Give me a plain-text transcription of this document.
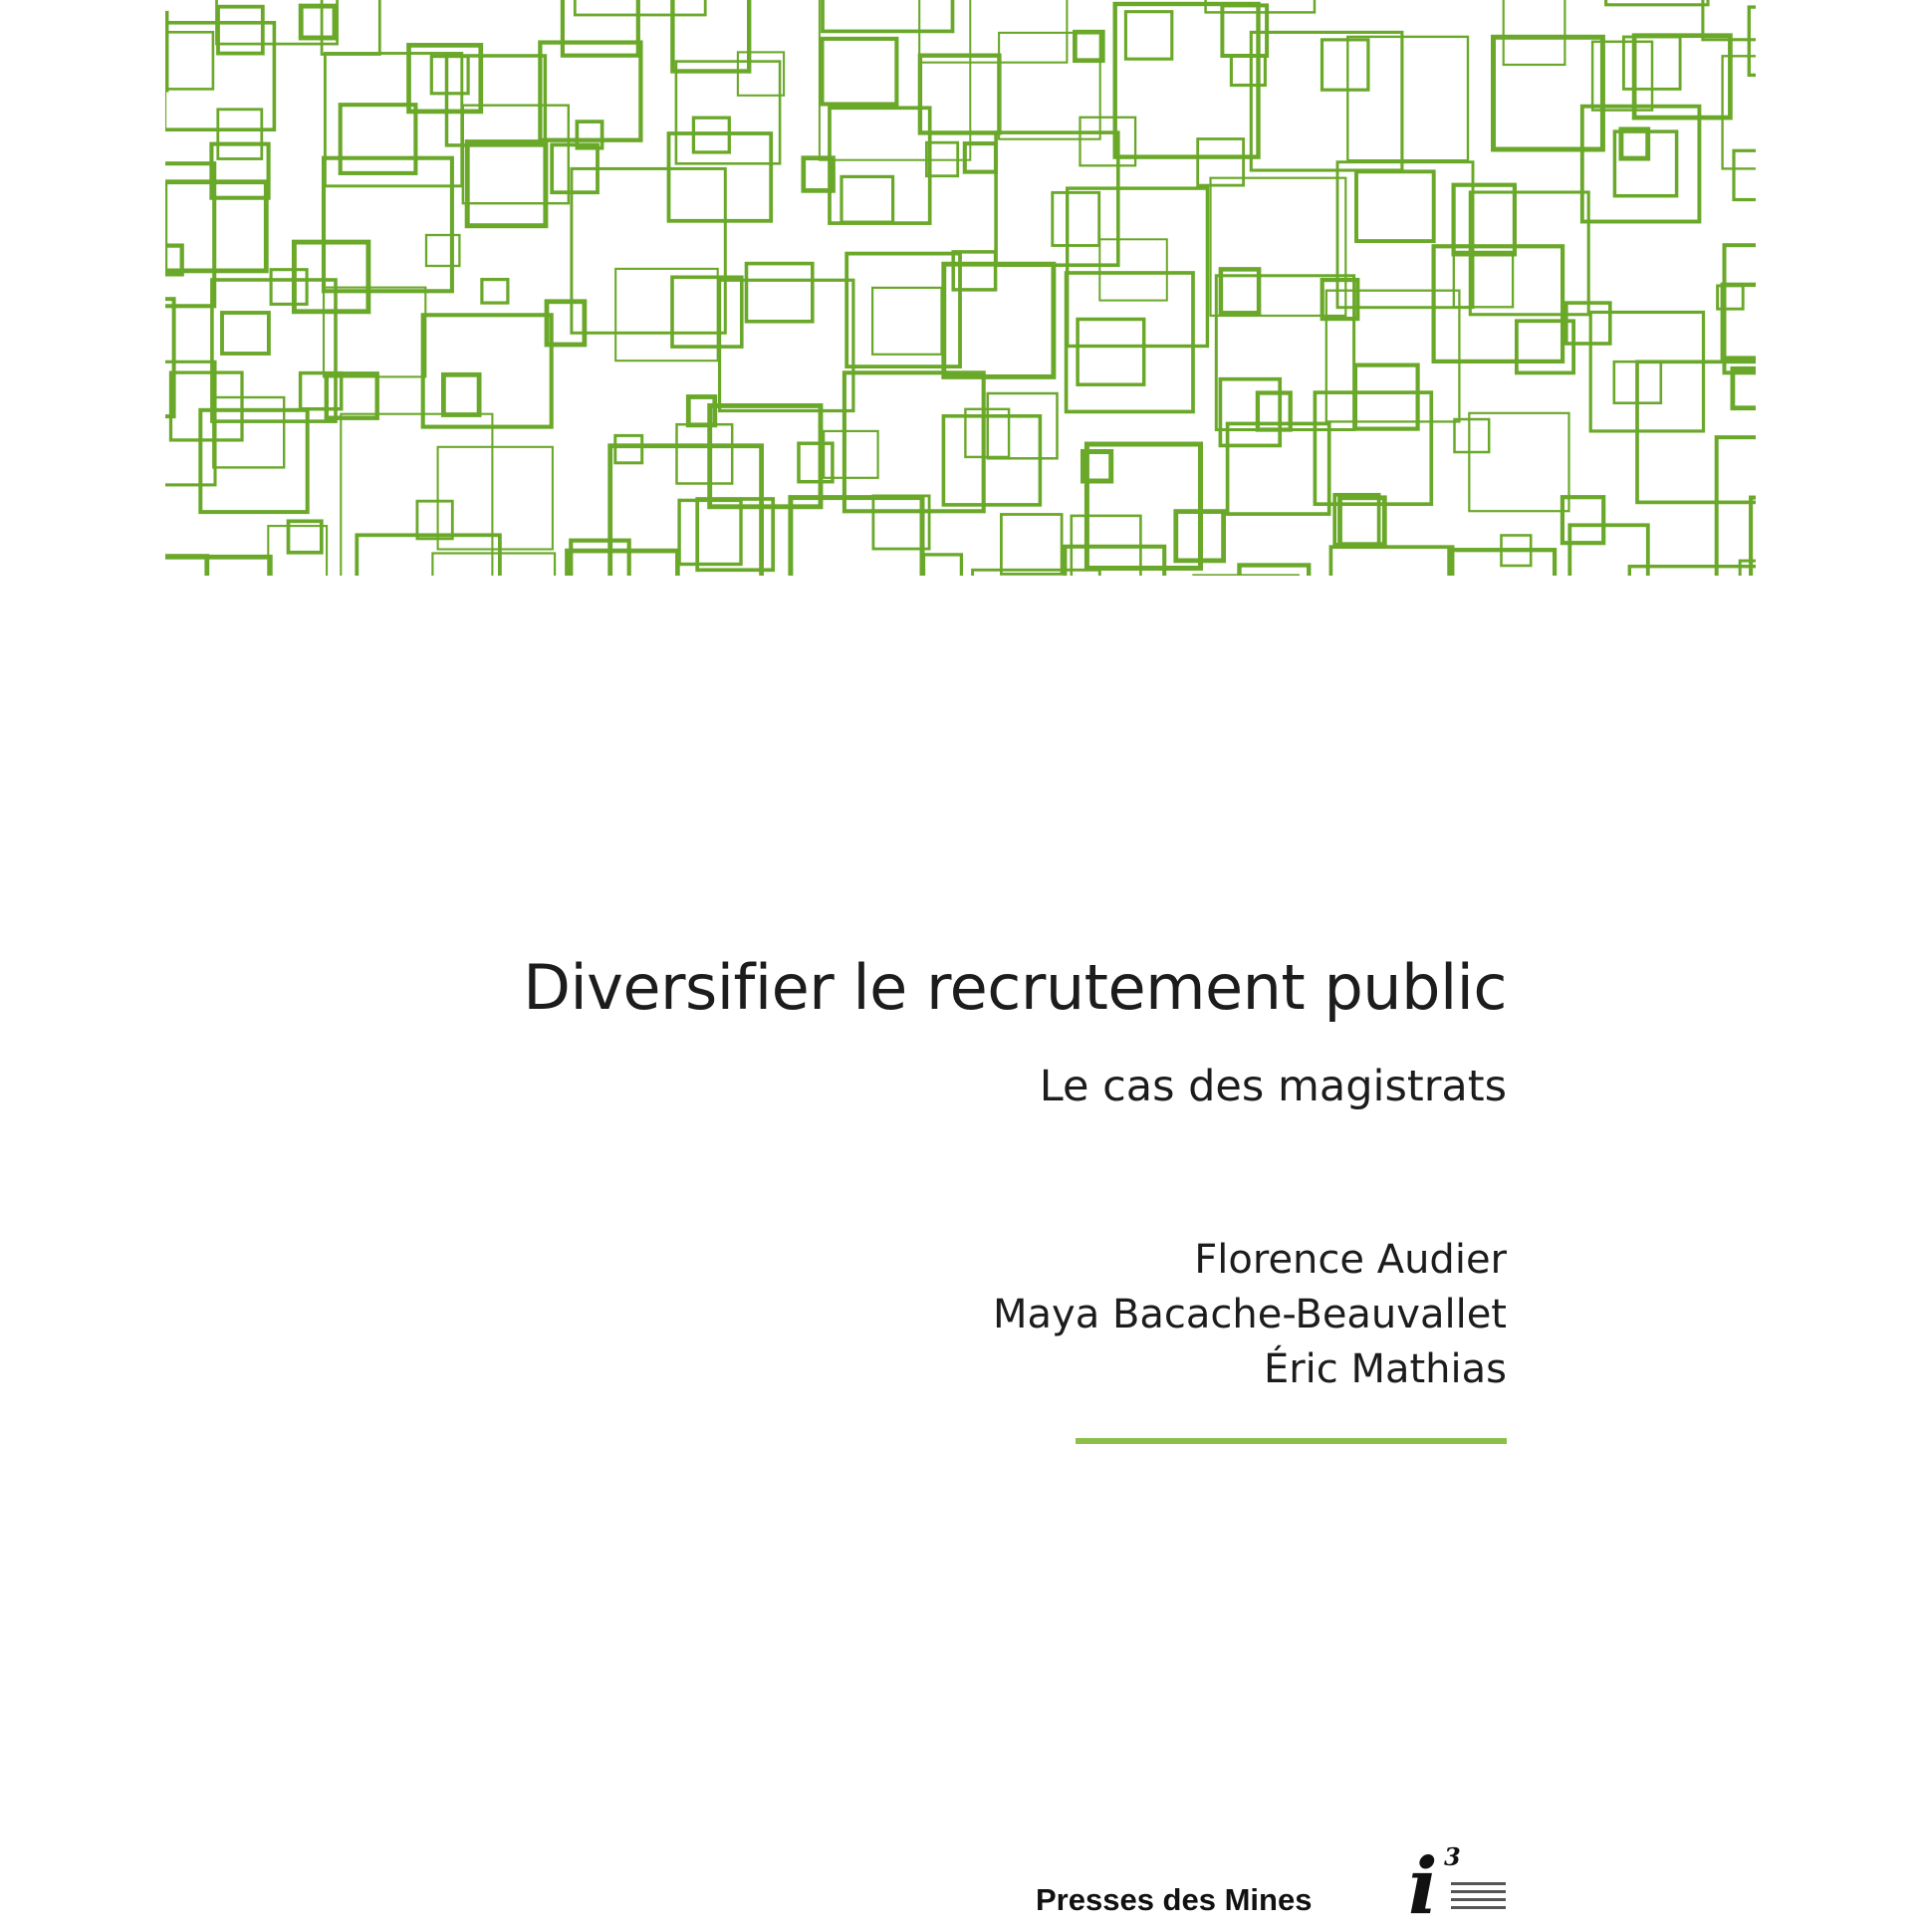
Diversifier le recrutement public
Le cas des magistrats
Florence Audier
Maya Bacache-Beauvallet
Éric Mathias
Presses des Mines i 3
